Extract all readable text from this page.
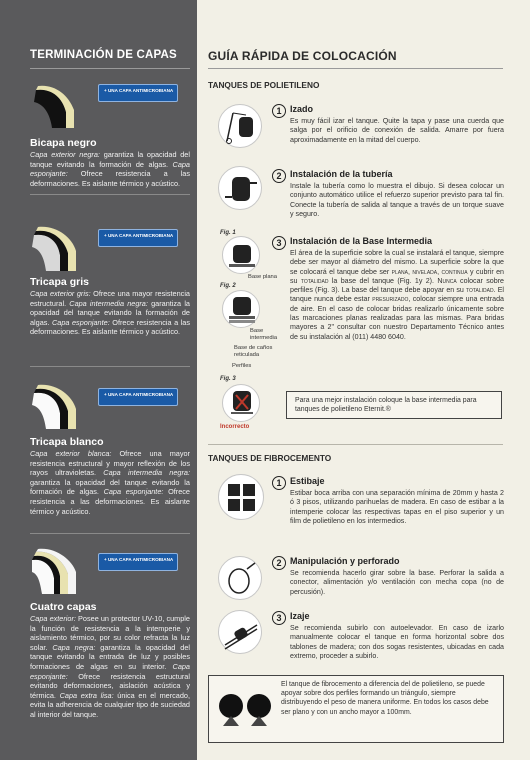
TERMINACIÓN DE CAPAS
+ UNA CAPA ANTIMICROBIANA
Bicapa negro
Capa exterior negra: garantiza la opacidad del tanque evitando la formación de algas. Capa esponjante: Ofrece resistencia a las deformaciones. Es aislante térmico y acústico.
+ UNA CAPA ANTIMICROBIANA
Tricapa gris
Capa exterior gris: Ofrece una mayor resistencia estructural. Capa intermedia negra: garantiza la opacidad del tanque evitando la formación de algas. Capa esponjante: Ofrece resistencia a las deformaciones. Es aislante térmico y acústico.
+ UNA CAPA ANTIMICROBIANA
Tricapa blanco
Capa exterior blanca: Ofrece una mayor resistencia estructural y mayor reflexión de los rayos ultravioletas. Capa intermedia negra: garantiza la opacidad del tanque evitando la formación de algas. Capa esponjante: Ofrece resistencia a las deformaciones. Es aislante térmico y acústico.
+ UNA CAPA ANTIMICROBIANA
Cuatro capas
Capa exterior: Posee un protector UV-10, cumple la función de resistencia a la intemperie y aislamiento térmico, por su color refracta la luz solar. Capa negra: garantiza la opacidad del tanque evitando la entrada de luz y posibles formaciones de algas en su interior. Capa esponjante: Ofrece resistencia estructural evitando deformaciones, aislación acústica y térmica. Capa extra lisa: única en el mercado, evita la adherencia de cualquier tipo de suciedad al interior del tanque.
GUÍA RÁPIDA DE COLOCACIÓN
TANQUES DE POLIETILENO
1 Izado
Es muy fácil izar el tanque. Quite la tapa y pase una cuerda que salga por el orificio de conexión de salida. Amarre por fuera aproximadamente en la mitad del cuerpo.
2 Instalación de la tubería
Instale la tubería como lo muestra el dibujo. Si desea colocar un conjunto automático utilice el refuerzo superior previsto para tal fin. Conecte la tubería de salida al tanque a través de un torque suave y seguro.
Fig. 1
Base plana
Fig. 2
Base intermedia
Base de caños reticulada
Perfiles
Fig. 3
Incorrecto
3 Instalación de la Base Intermedia
El área de la superficie sobre la cual se instalará el tanque, siempre debe ser mayor al diámetro del mismo. La superficie sobre la que se colocará el tanque debe ser plana, nivelada, continua y cubrir en su totalidad la base del tanque (Fig. 1y 2). Nunca colocar sobre perfiles (Fig. 3). La base del tanque debe apoyar en su totalidad. El tanque nunca debe estar presurizado, colocar siempre una entrada de aire. En el caso de colocar bridas realizarlo únicamente sobre las marcaciones planas realizadas para las mismas. Para bridas mayores a 2" consultar con nuestro Departamento Técnico antes de su instalación al (011) 4480 6040.
Para una mejor instalación coloque la base intermedia para tanques de polietileno Eternit.®
TANQUES DE FIBROCEMENTO
1 Estibaje
Estibar boca arriba con una separación mínima de 20mm y hasta 2 ó 3 pisos, utilizando parihuelas de madera. En caso de estibar a la intemperie colocar las respectivas tapas en el piso superior y un film de polietileno en los intermedios.
2 Manipulación y perforado
Se recomienda hacerlo girar sobre la base. Perforar la salida a conector, alimentación y/o ventilación con mecha copa (no de percusión).
3 Izaje
Se recomienda subirlo con autoelevador. En caso de izarlo manualmente colocar el tanque en forma horizontal sobre dos tablones de madera; con dos sogas resistentes, ubicadas en cada extremo, proceder a subirlo.
El tanque de fibrocemento a diferencia del de polietileno, se puede apoyar sobre dos perfiles formando un triángulo, siempre distribuyendo el peso de manera uniforme. En todos los casos debe ser plano y con un ancho mayor a 100mm.
